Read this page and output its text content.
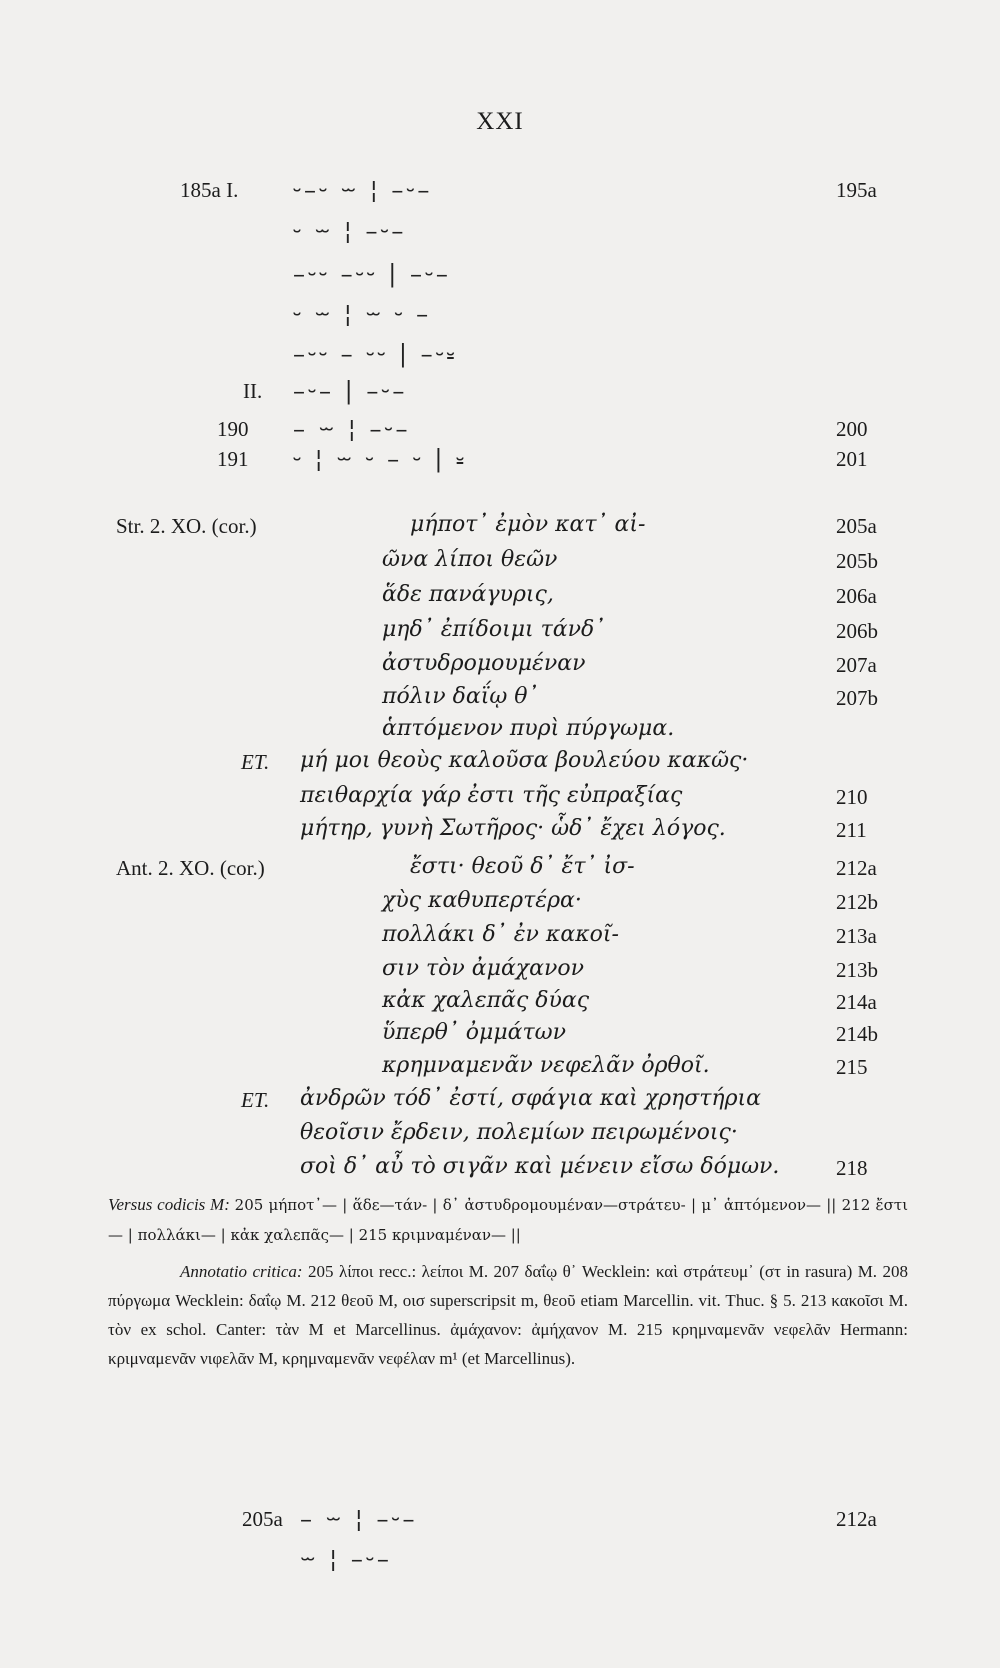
XXI
185a I. ⏑–⏑ ⏖ ¦ –⏑–	195a
⏑ ⏖ ¦ –⏑–
–⏑⏑ –⏑⏑ | –⏑–
⏑ ⏖ ¦ ⏖ ⏑ –
–⏑⏑ – ⏑⏑ | –⏑⏓
II. –⏑– | –⏑–
190 – ⏖ ¦ –⏑–	200
191 ⏑ ¦ ⏖ ⏑ – ⏑ | ⏓	201
Str. 2. ΧΟ. (cor.)	μήποτ᾽ ἐμὸν κατ᾽ αἰ-	205a
ῶνα λίποι θεῶν	205b
ἅδε πανάγυρις,	206a
μηδ᾽ ἐπίδοιμι τάνδ᾽	206b
ἀστυδρομουμέναν	207a
πόλιν δαΐῳ θ᾽	207b
ἁπτόμενον πυρὶ πύργωμα.
ΕΤ. μή μοι θεοὺς καλοῦσα βουλεύου κακῶς·
πειθαρχία γάρ ἐστι τῆς εὐπραξίας	210
μήτηρ, γυνὴ Σωτῆρος· ὧδ᾽ ἔχει λόγος.	211
Ant. 2. ΧΟ. (cor.)	ἔστι· θεοῦ δ᾽ ἔτ᾽ ἰσ-	212a
χὺς καθυπερτέρα·	212b
πολλάκι δ᾽ ἐν κακοῖ-	213a
σιν τὸν ἀμάχανον	213b
κἀκ χαλεπᾶς δύας	214a
ὕπερθ᾽ ὀμμάτων	214b
κρημναμενᾶν νεφελᾶν ὀρθοῖ.	215
ΕΤ. ἀνδρῶν τόδ᾽ ἐστί, σφάγια καὶ χρηστήρια
θεοῖσιν ἔρδειν, πολεμίων πειρωμένοις·
σοὶ δ᾽ αὖ τὸ σιγᾶν καὶ μένειν εἴσω δόμων.	218
Versus codicis M: 205 μήποτ᾽— | ἅδε—τάν- | δ᾽ ἀστυδρομουμέναν—στράτευ- | μ᾽ ἁπτόμενον— || 212 ἔστι— | πολλάκι— | κἀκ χαλεπᾶς— | 215 κριμναμέναν— ||
Annotatio critica: 205 λίποι recc.: λείποι M. 207 δαΐῳ θ᾽ Wecklein: καὶ στράτευμ᾽ (στ in rasura) M. 208 πύργωμα Wecklein: δαΐῳ M. 212 θεοῦ M, οισ superscripsit m, θεοῦ etiam Marcellin. vit. Thuc. § 5. 213 κακοῖσι M. τὸν ex schol. Canter: τὰν M et Marcellinus. ἀμάχανον: ἀμήχανον M. 215 κρημναμενᾶν νεφελᾶν Hermann: κριμναμενᾶν νιφελᾶν M, κρημναμενᾶν νεφέλαν m¹ (et Marcellinus).
205a – ⏖ ¦ –⏑–	212a
⏖ ¦ –⏑–
